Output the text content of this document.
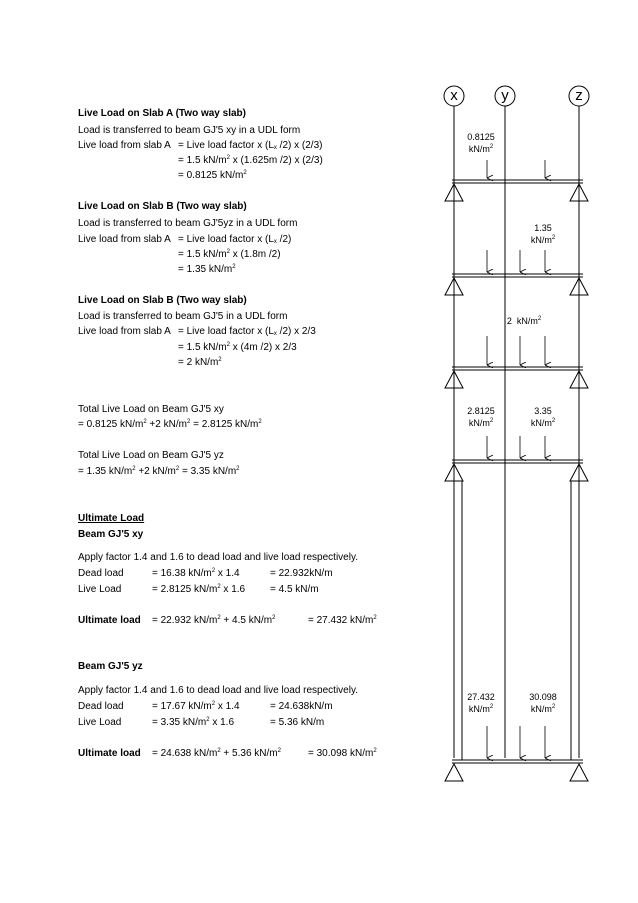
Live Load on Slab A (Two way slab)
Load is transferred to beam GJ'5 xy in a UDL form
Live load from slab A = Live load factor x ($L_x$ /2) x (2/3)
= 1.5 $kN/m^2$ x (1.625m /2) x (2/3)
= 0.8125 $kN/m^2$
Live Load on Slab B (Two way slab)
Load is transferred to beam GJ'5yz in a UDL form
Live load from slab A = Live load factor x ($L_x$ /2)
= 1.5 $kN/m^2$ x (1.8m /2)
= 1.35 $kN/m^2$
Live Load on Slab B (Two way slab)
Load is transferred to beam GJ'5 in a UDL form
Live load from slab A = Live load factor x ($L_x$ /2) x 2/3
= 1.5 $kN/m^2$ x (4m /2) x 2/3
= 2 $kN/m^2$
Total Live Load on Beam GJ'5 xy
= 0.8125 $kN/m^2 +2$ $kN/m^2 = 2.8125$ $kN/m^2$
Total Live Load on Beam GJ'5 yz
= 1.35 $kN/m^2 +2$ $kN/m^2 = 3.35$ $kN/m^2$
Ultimate Load
Beam GJ'5 xy
Apply factor 1.4 and 1.6 to dead load and live load respectively.
Dead load	= 16.38 $kN/m^2$ x 1.4	= 22.932kN/m
Live Load	= 2.8125 $kN/m^2$ x 1.6 = 4.5 kN/m
Ultimate load = 22.932 $kN/m^2 + 4.5$ $kN/m^2$	= 27.432 $kN/m^2$
Beam GJ'5 yz
Apply factor 1.4 and 1.6 to dead load and live load respectively.
Dead load	= 17.67 $kN/m^2$ x 1.4	= 24.638kN/m
Live Load	= 3.35 $kN/m^2$ x 1.6	= 5.36 kN/m
Ultimate load = 24.638 $kN/m^2 + 5.36$ $kN/m^2$	= 30.098 $kN/m^2$
x	y	z
0.8125
$kN/m^2$
1.35
$kN/m^2$
2 $kN/m^2$
2.8125
$kN/m^2$
3.35
$kN/m^2$
27.432
$kN/m^2$
30.098
$kN/m^2$
